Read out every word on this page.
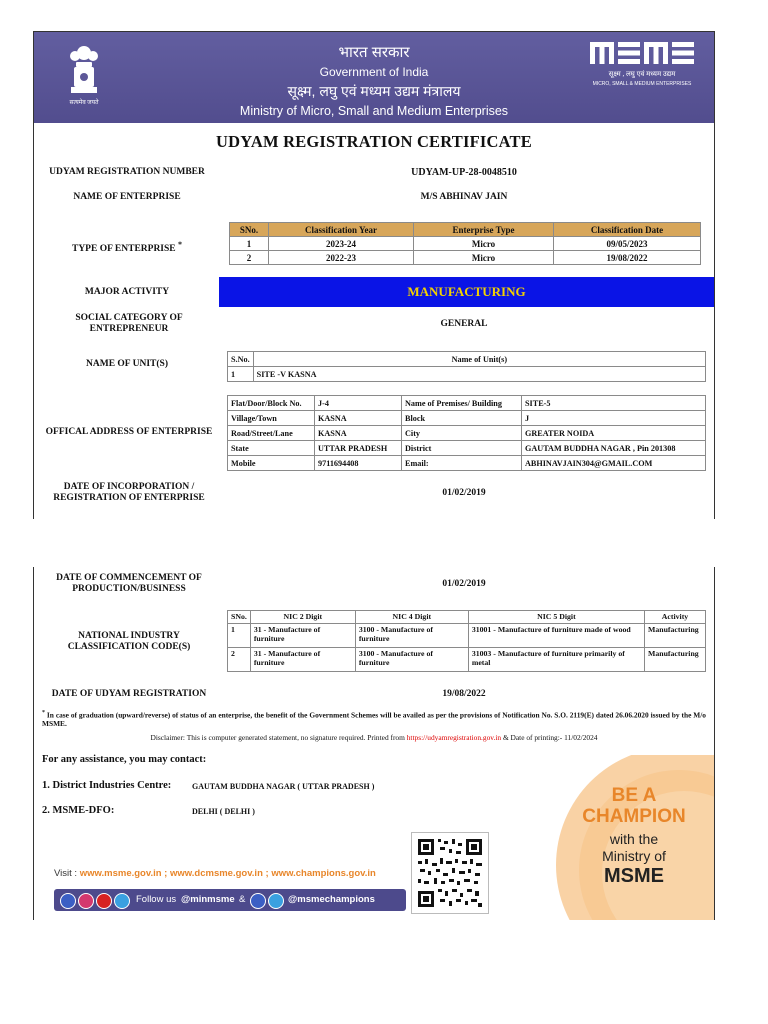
सत्यमेव जयते
भारत सरकार
Government of India
सूक्ष्म, लघु एवं मध्यम उद्यम मंत्रालय
Ministry of Micro, Small and Medium Enterprises
सूक्ष्म , लघु एवं मध्यम उद्यम
MICRO, SMALL & MEDIUM ENTERPRISES
UDYAM REGISTRATION CERTIFICATE
UDYAM REGISTRATION NUMBER	UDYAM-UP-28-0048510
NAME OF ENTERPRISE	M/S ABHINAV JAIN
TYPE OF ENTERPRISE *
SNo.	Classification Year	Enterprise Type	Classification Date
1	2023-24	Micro	09/05/2023
2	2022-23	Micro	19/08/2022
MAJOR ACTIVITY	MANUFACTURING
SOCIAL CATEGORY OF ENTREPRENEUR	GENERAL
NAME OF UNIT(S)	S.No.	Name of Unit(s)
1	SITE -V KASNA
OFFICAL ADDRESS OF ENTERPRISE
Flat/Door/Block No.	J-4	Name of Premises/ Building	SITE-5
Village/Town	KASNA	Block	J
Road/Street/Lane	KASNA	City	GREATER NOIDA
State	UTTAR PRADESH	District	GAUTAM BUDDHA NAGAR , Pin 201308
Mobile	9711694408	Email:	ABHINAVJAIN304@GMAIL.COM
DATE OF INCORPORATION / REGISTRATION OF ENTERPRISE	01/02/2019
DATE OF COMMENCEMENT OF PRODUCTION/BUSINESS	01/02/2019
NATIONAL INDUSTRY CLASSIFICATION CODE(S)
SNo.	NIC 2 Digit	NIC 4 Digit	NIC 5 Digit	Activity
1	31 - Manufacture of furniture	3100 - Manufacture of furniture	31001 - Manufacture of furniture made of wood	Manufacturing
2	31 - Manufacture of furniture	3100 - Manufacture of furniture	31003 - Manufacture of furniture primarily of metal	Manufacturing
DATE OF UDYAM REGISTRATION	19/08/2022
* In case of graduation (upward/reverse) of status of an enterprise, the benefit of the Government Schemes will be availed as per the provisions of Notification No. S.O. 2119(E) dated 26.06.2020 issued by the M/o MSME.
Disclaimer: This is computer generated statement, no signature required. Printed from https://udyamregistration.gov.in & Date of printing:- 11/02/2024
For any assistance, you may contact:
1. District Industries Centre:	GAUTAM BUDDHA NAGAR ( UTTAR PRADESH )
2. MSME-DFO:	DELHI ( DELHI )
BE A
CHAMPION
with the
Ministry of
MSME
Visit : www.msme.gov.in ; www.dcmsme.gov.in ; www.champions.gov.in
Follow us @minmsme &	@msmechampions
